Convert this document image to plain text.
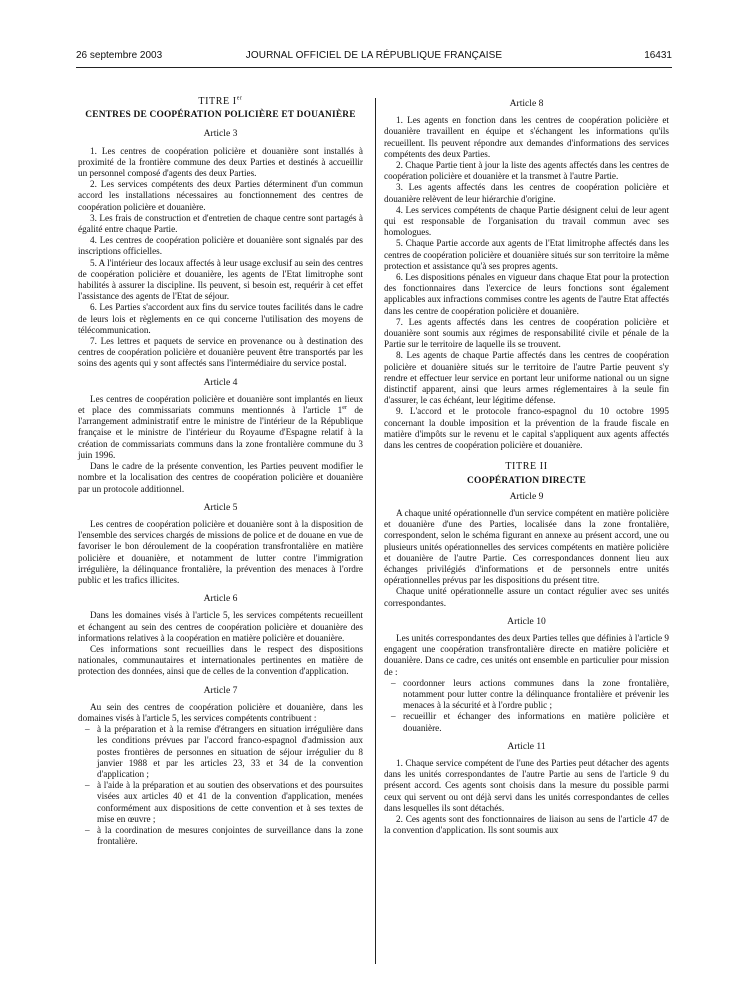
26 septembre 2003	JOURNAL OFFICIEL DE LA RÉPUBLIQUE FRANÇAISE	16431
TITRE Ier
CENTRES DE COOPÉRATION POLICIÈRE ET DOUANIÈRE
Article 3

1. Les centres de coopération policière et douanière sont installés à proximité de la frontière commune des deux Parties et destinés à accueillir un personnel composé d'agents des deux Parties.

2. Les services compétents des deux Parties déterminent d'un commun accord les installations nécessaires au fonctionnement des centres de coopération policière et douanière.

3. Les frais de construction et d'entretien de chaque centre sont partagés à égalité entre chaque Partie.

4. Les centres de coopération policière et douanière sont signalés par des inscriptions officielles.

5. A l'intérieur des locaux affectés à leur usage exclusif au sein des centres de coopération policière et douanière, les agents de l'Etat limitrophe sont habilités à assurer la discipline. Ils peuvent, si besoin est, requérir à cet effet l'assistance des agents de l'Etat de séjour.

6. Les Parties s'accordent aux fins du service toutes facilités dans le cadre de leurs lois et règlements en ce qui concerne l'utilisation des moyens de télécommunication.

7. Les lettres et paquets de service en provenance ou à destination des centres de coopération policière et douanière peuvent être transportés par les soins des agents qui y sont affectés sans l'intermédiaire du service postal.

Article 4

Les centres de coopération policière et douanière sont implantés en lieux et place des commissariats communs mentionnés à l'article 1er de l'arrangement administratif entre le ministre de l'intérieur de la République française et le ministre de l'intérieur du Royaume d'Espagne relatif à la création de commissariats communs dans la zone frontalière commune du 3 juin 1996.

Dans le cadre de la présente convention, les Parties peuvent modifier le nombre et la localisation des centres de coopération policière et douanière par un protocole additionnel.

Article 5

Les centres de coopération policière et douanière sont à la disposition de l'ensemble des services chargés de missions de police et de douane en vue de favoriser le bon déroulement de la coopération transfrontalière en matière policière et douanière, et notamment de lutter contre l'immigration irrégulière, la délinquance frontalière, la prévention des menaces à l'ordre public et les trafics illicites.

Article 6

Dans les domaines visés à l'article 5, les services compétents recueillent et échangent au sein des centres de coopération policière et douanière des informations relatives à la coopération en matière policière et douanière.

Ces informations sont recueillies dans le respect des dispositions nationales, communautaires et internationales pertinentes en matière de protection des données, ainsi que de celles de la convention d'application.

Article 7

Au sein des centres de coopération policière et douanière, dans les domaines visés à l'article 5, les services compétents contribuent :

– à la préparation et à la remise d'étrangers en situation irrégulière dans les conditions prévues par l'accord franco-espagnol d'admission aux postes frontières de personnes en situation de séjour irrégulier du 8 janvier 1988 et par les articles 23, 33 et 34 de la convention d'application ;
– à l'aide à la préparation et au soutien des observations et des poursuites visées aux articles 40 et 41 de la convention d'application, menées conformément aux dispositions de cette convention et à ses textes de mise en œuvre ;
– à la coordination de mesures conjointes de surveillance dans la zone frontalière.
Article 8

1. Les agents en fonction dans les centres de coopération policière et douanière travaillent en équipe et s'échangent les informations qu'ils recueillent. Ils peuvent répondre aux demandes d'informations des services compétents des deux Parties.

2. Chaque Partie tient à jour la liste des agents affectés dans les centres de coopération policière et douanière et la transmet à l'autre Partie.

3. Les agents affectés dans les centres de coopération policière et douanière relèvent de leur hiérarchie d'origine.

4. Les services compétents de chaque Partie désignent celui de leur agent qui est responsable de l'organisation du travail commun avec ses homologues.

5. Chaque Partie accorde aux agents de l'Etat limitrophe affectés dans les centres de coopération policière et douanière situés sur son territoire la même protection et assistance qu'à ses propres agents.

6. Les dispositions pénales en vigueur dans chaque Etat pour la protection des fonctionnaires dans l'exercice de leurs fonctions sont également applicables aux infractions commises contre les agents de l'autre Etat affectés dans les centre de coopération policière et douanière.

7. Les agents affectés dans les centres de coopération policière et douanière sont soumis aux régimes de responsabilité civile et pénale de la Partie sur le territoire de laquelle ils se trouvent.

8. Les agents de chaque Partie affectés dans les centres de coopération policière et douanière situés sur le territoire de l'autre Partie peuvent s'y rendre et effectuer leur service en portant leur uniforme national ou un signe distinctif apparent, ainsi que leurs armes réglementaires à la seule fin d'assurer, le cas échéant, leur légitime défense.

9. L'accord et le protocole franco-espagnol du 10 octobre 1995 concernant la double imposition et la prévention de la fraude fiscale en matière d'impôts sur le revenu et le capital s'appliquent aux agents affectés dans les centres de coopération policière et douanière.

TITRE II
COOPÉRATION DIRECTE
Article 9

A chaque unité opérationnelle d'un service compétent en matière policière et douanière d'une des Parties, localisée dans la zone frontalière, correspondent, selon le schéma figurant en annexe au présent accord, une ou plusieurs unités opérationnelles des services compétents en matière policière et douanière de l'autre Partie. Ces correspondances donnent lieu aux échanges privilégiés d'informations et de personnels entre unités opérationnelles prévus par les dispositions du présent titre.

Chaque unité opérationnelle assure un contact régulier avec ses unités correspondantes.

Article 10

Les unités correspondantes des deux Parties telles que définies à l'article 9 engagent une coopération transfrontalière directe en matière policière et douanière. Dans ce cadre, ces unités ont ensemble en particulier pour mission de :

– coordonner leurs actions communes dans la zone frontalière, notamment pour lutter contre la délinquance frontalière et prévenir les menaces à la sécurité et à l'ordre public ;
– recueillir et échanger des informations en matière policière et douanière.
Article 11

1. Chaque service compétent de l'une des Parties peut détacher des agents dans les unités correspondantes de l'autre Partie au sens de l'article 9 du présent accord. Ces agents sont choisis dans la mesure du possible parmi ceux qui servent ou ont déjà servi dans les unités correspondantes de celles dans lesquelles ils sont détachés.

2. Ces agents sont des fonctionnaires de liaison au sens de l'article 47 de la convention d'application. Ils sont soumis aux
